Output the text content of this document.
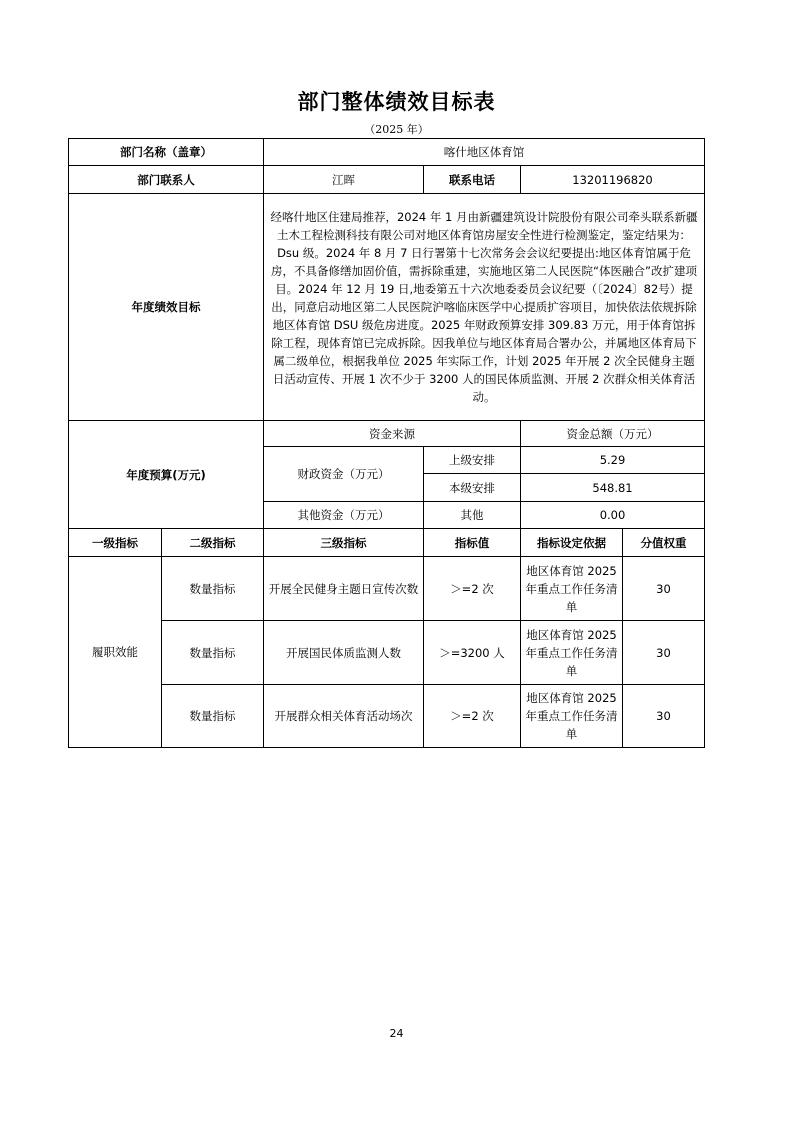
部门整体绩效目标表
（2025 年）
部门名称（盖章）		喀什地区体育馆			
部门联系人		江晖	联系电话	13201196820	
年度绩效目标		经喀什地区住建局推荐，2024 年 1 月由新疆建筑设计院股份有限公司牵头联系新疆土木工程检测科技有限公司对地区体育馆房屋安全性进行检测鉴定，鉴定结果为：Dsu 级。2024 年 8 月 7 日行署第十七次常务会会议纪要提出:地区体育馆属于危房，不具备修缮加固价值，需拆除重建，实施地区第二人民医院“体医融合”改扩建项目。2024 年 12 月 19 日,地委第五十六次地委委员会议纪要（〔2024〕82号）提出，同意启动地区第二人民医院沪喀临床医学中心提质扩容项目，加快依法依规拆除地区体育馆 DSU 级危房进度。2025 年财政预算安排 309.83 万元，用于体育馆拆除工程，现体育馆已完成拆除。因我单位与地区体育局合署办公，并属地区体育局下属二级单位，根据我单位 2025 年实际工作，计划 2025 年开展 2 次全民健身主题日活动宣传、开展 1 次不少于 3200 人的国民体质监测、开展 2 次群众相关体育活动。			
年度预算(万元)		资金来源		资金总额（万元）	
		财政资金（万元）	上级安排	5.29	
			本级安排	548.81	
		其他资金（万元）	其他	0.00	
一级指标	二级指标	三级指标	指标值	指标设定依据	分值权重
履职效能	数量指标	开展全民健身主题日宣传次数	＞=2 次	地区体育馆 2025 年重点工作任务清单	30
	数量指标	开展国民体质监测人数	＞=3200 人	地区体育馆 2025 年重点工作任务清单	30
	数量指标	开展群众相关体育活动场次	＞=2 次	地区体育馆 2025 年重点工作任务清单	30
24
